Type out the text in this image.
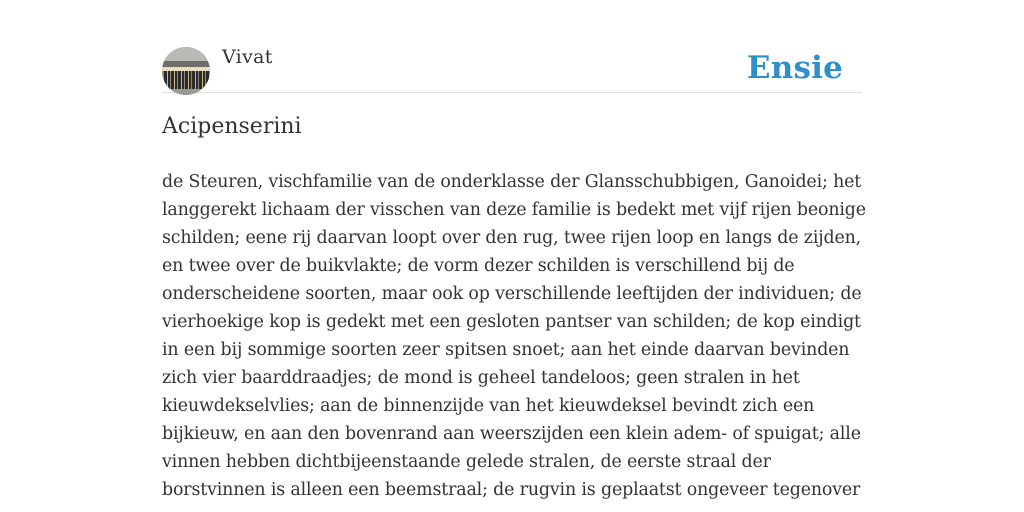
Vivat	Ensie
Acipenserini

de Steuren, vischfamilie van de onderklasse der Glansschubbigen, Ganoidei; het
langgerekt lichaam der visschen van deze familie is bedekt met vijf rijen beonige
schilden; eene rij daarvan loopt over den rug, twee rijen loop en langs de zijden,
en twee over de buikvlakte; de vorm dezer schilden is verschillend bij de
onderscheidene soorten, maar ook op verschillende leeftijden der individuen; de
vierhoekige kop is gedekt met een gesloten pantser van schilden; de kop eindigt
in een bij sommige soorten zeer spitsen snoet; aan het einde daarvan bevinden
zich vier baarddraadjes; de mond is geheel tandeloos; geen stralen in het
kieuwdekselvlies; aan de binnenzijde van het kieuwdeksel bevindt zich een
bijkieuw, en aan den bovenrand aan weerszijden een klein adem- of spuigat; alle
vinnen hebben dichtbijeenstaande gelede stralen, de eerste straal der
borstvinnen is alleen een beemstraal; de rugvin is geplaatst ongeveer tegenover
